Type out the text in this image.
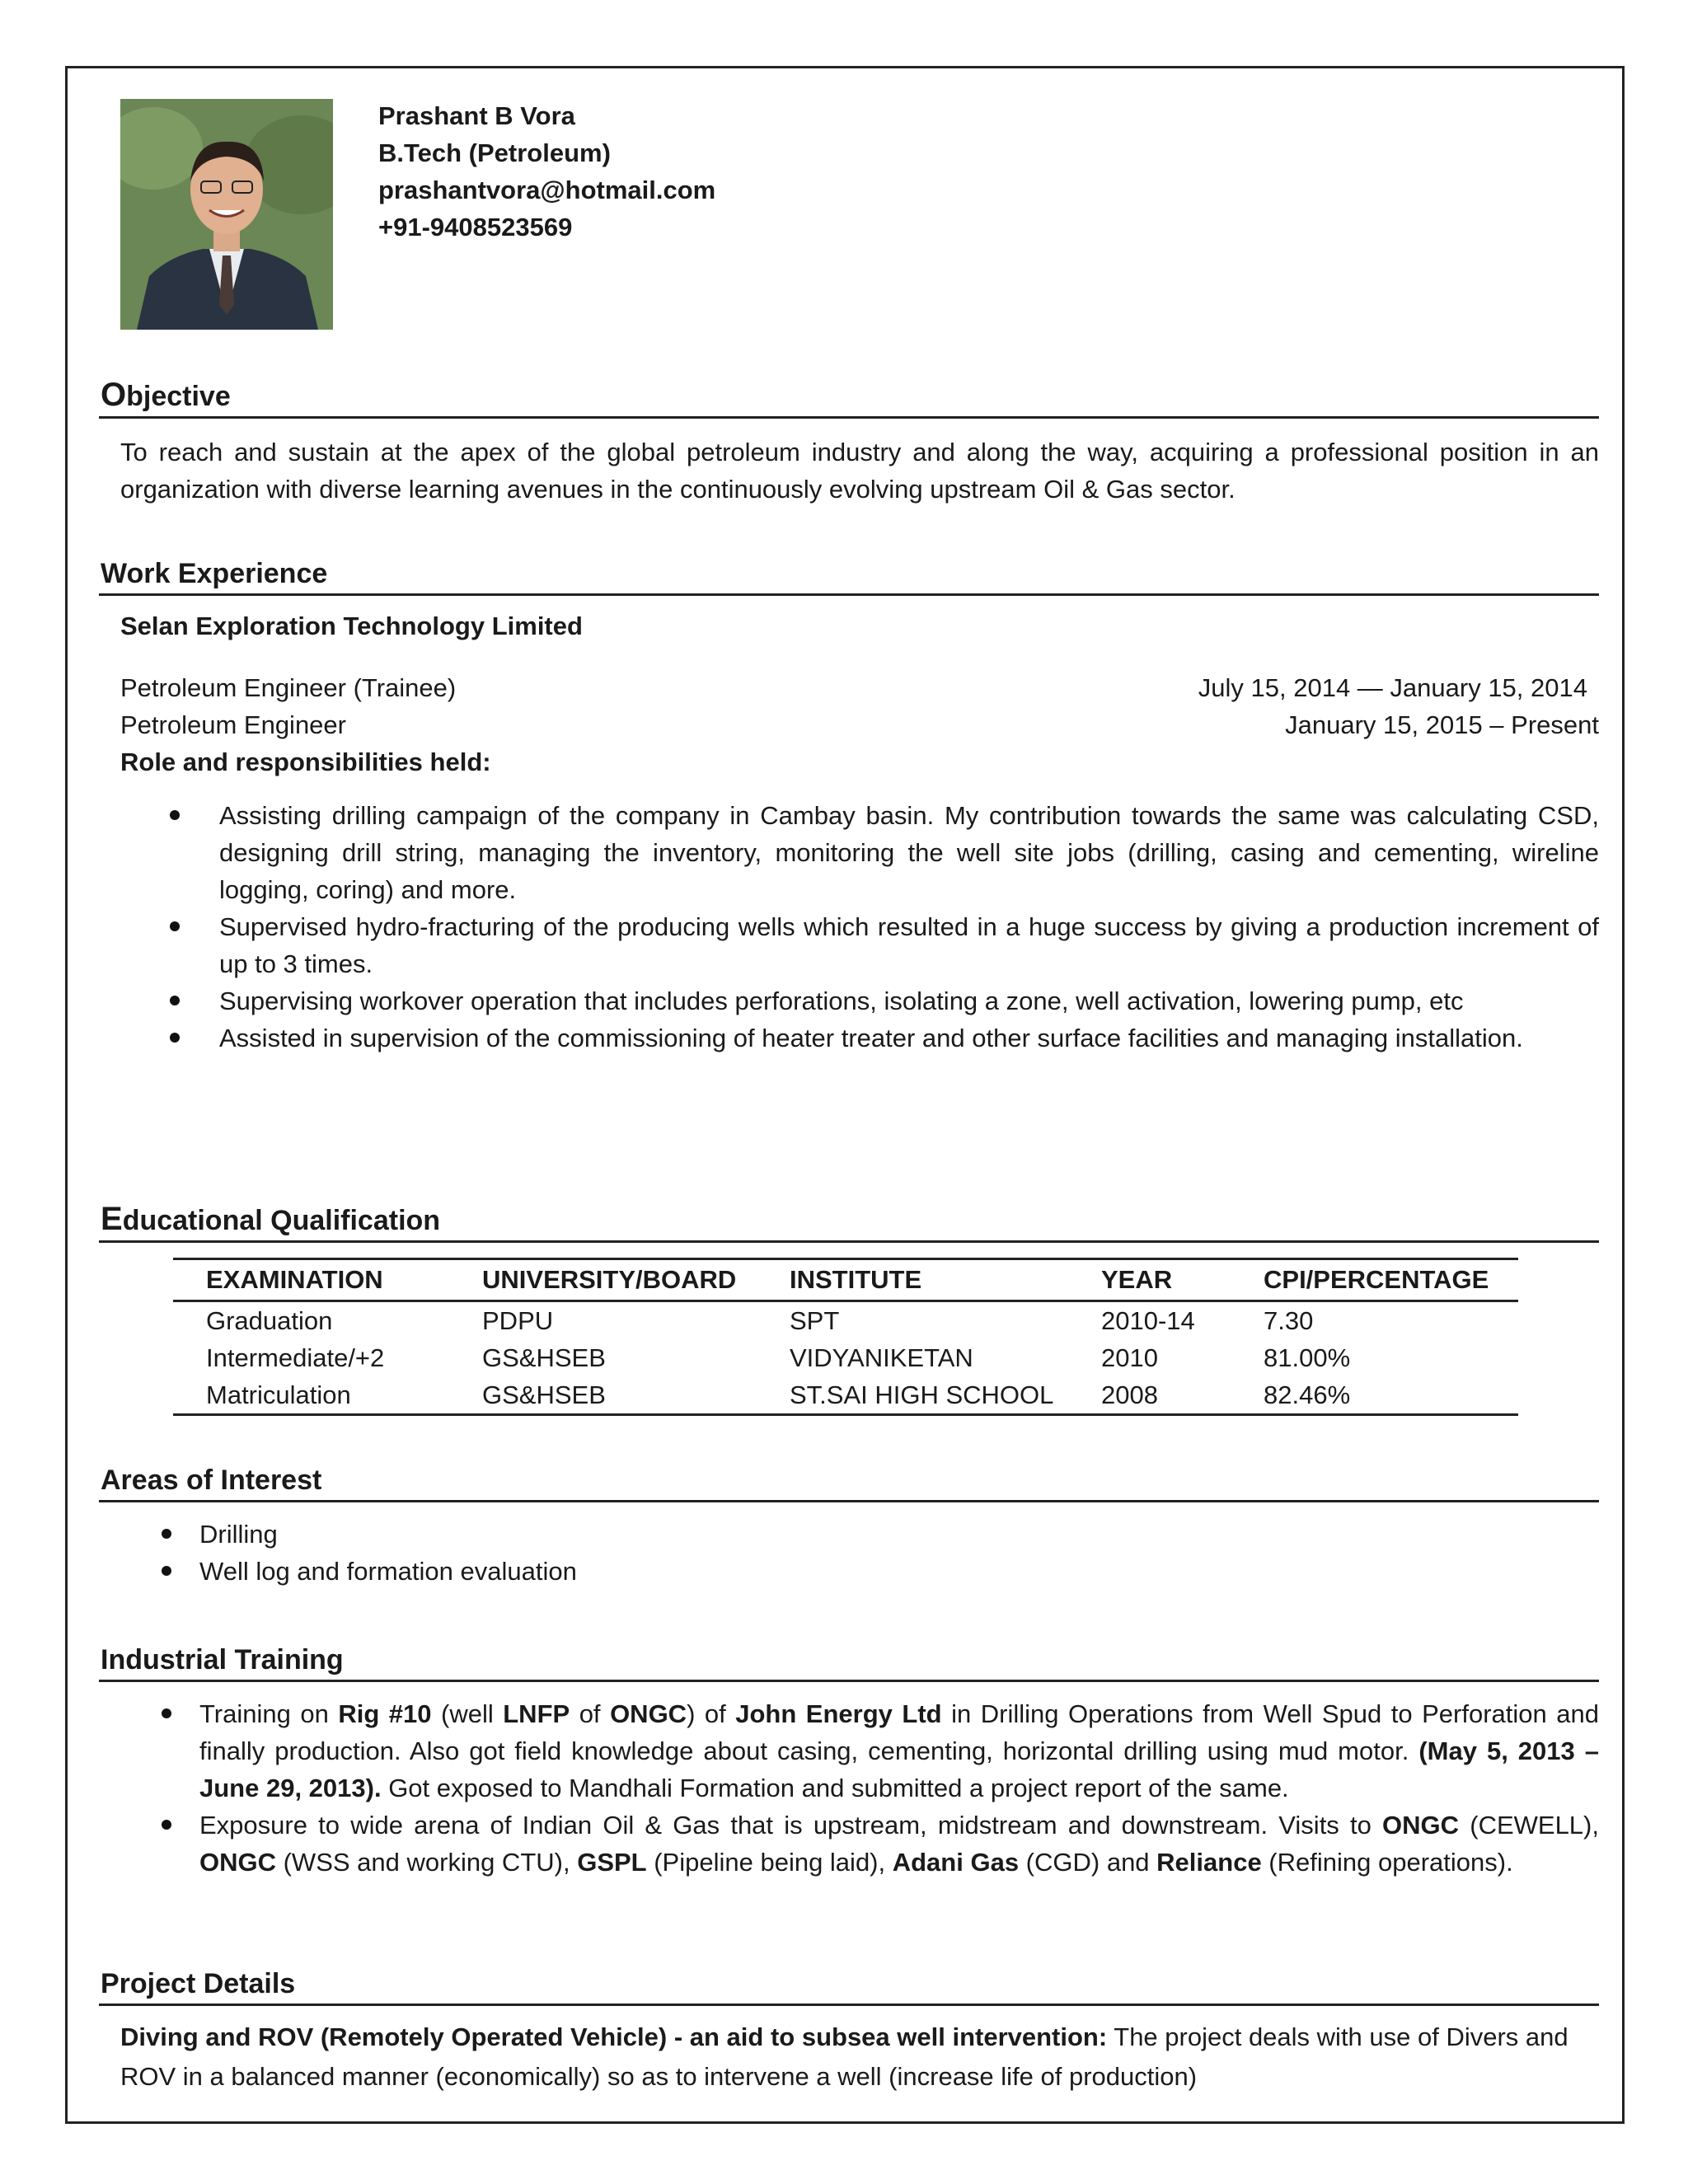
Prashant B Vora
B.Tech (Petroleum)
prashantvora@hotmail.com
+91-9408523569
Objective
To reach and sustain at the apex of the global petroleum industry and along the way, acquiring a professional position in an organization with diverse learning avenues in the continuously evolving upstream Oil & Gas sector.
Work Experience
Selan Exploration Technology Limited
Petroleum Engineer (Trainee)	July 15, 2014 — January 15, 2014
Petroleum Engineer	January 15, 2015 – Present
Role and responsibilities held:
Assisting drilling campaign of the company in Cambay basin. My contribution towards the same was calculating CSD, designing drill string, managing the inventory, monitoring the well site jobs (drilling, casing and cementing, wireline logging, coring) and more.
Supervised hydro-fracturing of the producing wells which resulted in a huge success by giving a production increment of up to 3 times.
Supervising workover operation that includes perforations, isolating a zone, well activation, lowering pump, etc
Assisted in supervision of the commissioning of heater treater and other surface facilities and managing installation.
Educational Qualification
EXAMINATION	UNIVERSITY/BOARD	INSTITUTE	YEAR	CPI/PERCENTAGE
Graduation	PDPU	SPT	2010-14	7.30
Intermediate/+2	GS&HSEB	VIDYANIKETAN	2010	81.00%
Matriculation	GS&HSEB	ST.SAI HIGH SCHOOL	2008	82.46%
Areas of Interest
Drilling
Well log and formation evaluation
Industrial Training
Training on Rig #10 (well LNFP of ONGC) of John Energy Ltd in Drilling Operations from Well Spud to Perforation and finally production. Also got field knowledge about casing, cementing, horizontal drilling using mud motor. (May 5, 2013 – June 29, 2013). Got exposed to Mandhali Formation and submitted a project report of the same.
Exposure to wide arena of Indian Oil & Gas that is upstream, midstream and downstream. Visits to ONGC (CEWELL), ONGC (WSS and working CTU), GSPL (Pipeline being laid), Adani Gas (CGD) and Reliance (Refining operations).
Project Details
Diving and ROV (Remotely Operated Vehicle) - an aid to subsea well intervention: The project deals with use of Divers and ROV in a balanced manner (economically) so as to intervene a well (increase life of production)
